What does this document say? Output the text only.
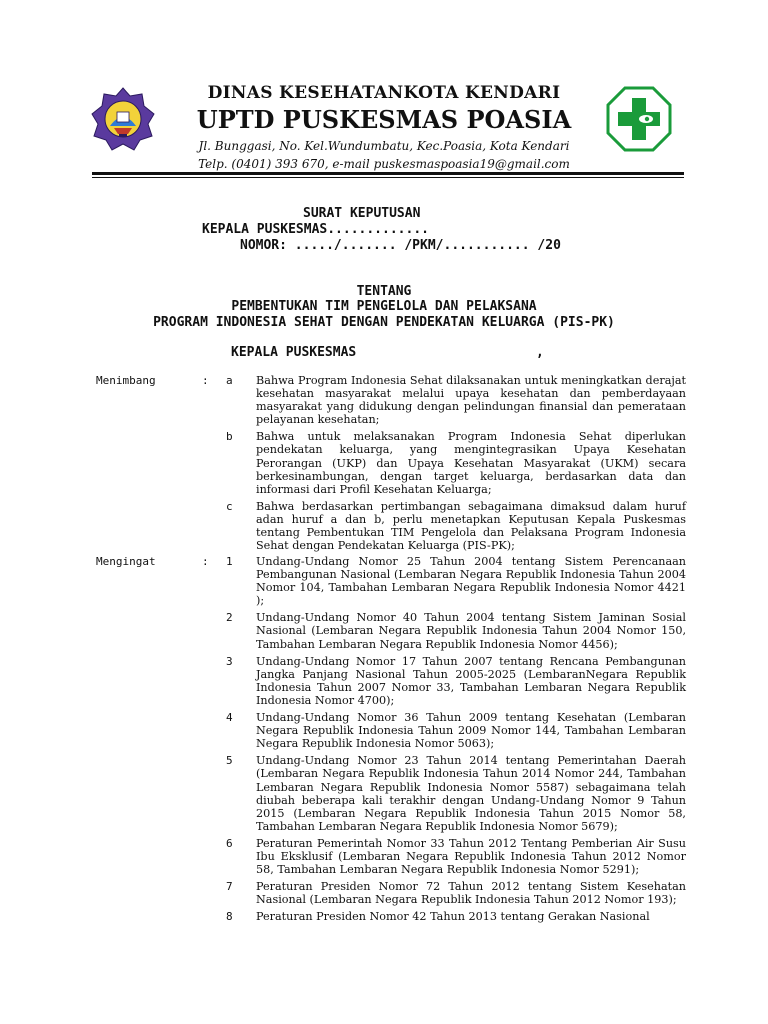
DINAS KESEHATANKOTA KENDARI
UPTD PUSKESMAS POASIA
Jl. Bunggasi, No. Kel.Wundumbatu, Kec.Poasia, Kota Kendari
Telp. (0401) 393 670, e-mail puskesmaspoasia19@gmail.com
SURAT KEPUTUSAN
KEPALA PUSKESMAS.............
NOMOR: ...../....... /PKM/........... /20
TENTANG
PEMBENTUKAN TIM PENGELOLA DAN PELAKSANA
PROGRAM INDONESIA SEHAT DENGAN PENDEKATAN KELUARGA (PIS-PK)
KEPALA PUSKESMAS	,
Menimbang	: a	Bahwa Program Indonesia Sehat dilaksanakan untuk meningkatkan derajat kesehatan masyarakat melalui upaya kesehatan dan pemberdayaan masyarakat yang didukung dengan pelindungan finansial dan pemerataan pelayanan kesehatan;
b	Bahwa untuk melaksanakan Program Indonesia Sehat diperlukan pendekatan keluarga, yang mengintegrasikan Upaya Kesehatan Perorangan (UKP) dan Upaya Kesehatan Masyarakat (UKM) secara berkesinambungan, dengan target keluarga, berdasarkan data dan informasi dari Profil Kesehatan Keluarga;
c	Bahwa berdasarkan pertimbangan sebagaimana dimaksud dalam huruf adan huruf a dan b, perlu menetapkan Keputusan Kepala Puskesmas tentang Pembentukan TIM Pengelola dan Pelaksana Program Indonesia Sehat dengan Pendekatan Keluarga (PIS-PK);
Mengingat	: 1	Undang-Undang Nomor 25 Tahun 2004 tentang Sistem Perencanaan Pembangunan Nasional (Lembaran Negara Republik Indonesia Tahun 2004 Nomor 104, Tambahan Lembaran Negara Republik Indonesia Nomor 4421 );
2	Undang-Undang Nomor 40 Tahun 2004 tentang Sistem Jaminan Sosial Nasional (Lembaran Negara Republik Indonesia Tahun 2004 Nomor 150, Tambahan Lembaran Negara Republik Indonesia Nomor 4456);
3	Undang-Undang Nomor 17 Tahun 2007 tentang Rencana Pembangunan Jangka Panjang Nasional Tahun 2005-2025 (LembaranNegara Republik Indonesia Tahun 2007 Nomor 33, Tambahan Lembaran Negara Republik Indonesia Nomor 4700);
4	Undang-Undang Nomor 36 Tahun 2009 tentang Kesehatan (Lembaran Negara Republik Indonesia Tahun 2009 Nomor 144, Tambahan Lembaran Negara Republik Indonesia Nomor 5063);
5	Undang-Undang Nomor 23 Tahun 2014 tentang Pemerintahan Daerah (Lembaran Negara Republik Indonesia Tahun 2014 Nomor 244, Tambahan Lembaran Negara Republik Indonesia Nomor 5587) sebagaimana telah diubah beberapa kali terakhir dengan Undang-Undang Nomor 9 Tahun 2015 (Lembaran Negara Republik Indonesia Tahun 2015 Nomor 58, Tambahan Lembaran Negara Republik Indonesia Nomor 5679);
6	Peraturan Pemerintah Nomor 33 Tahun 2012 Tentang Pemberian Air Susu Ibu Eksklusif (Lembaran Negara Republik Indonesia Tahun 2012 Nomor 58, Tambahan Lembaran Negara Republik Indonesia Nomor 5291);
7	Peraturan Presiden Nomor 72 Tahun 2012 tentang Sistem Kesehatan Nasional (Lembaran Negara Republik Indonesia Tahun 2012 Nomor 193);
8	Peraturan Presiden Nomor 42 Tahun 2013 tentang Gerakan Nasional
